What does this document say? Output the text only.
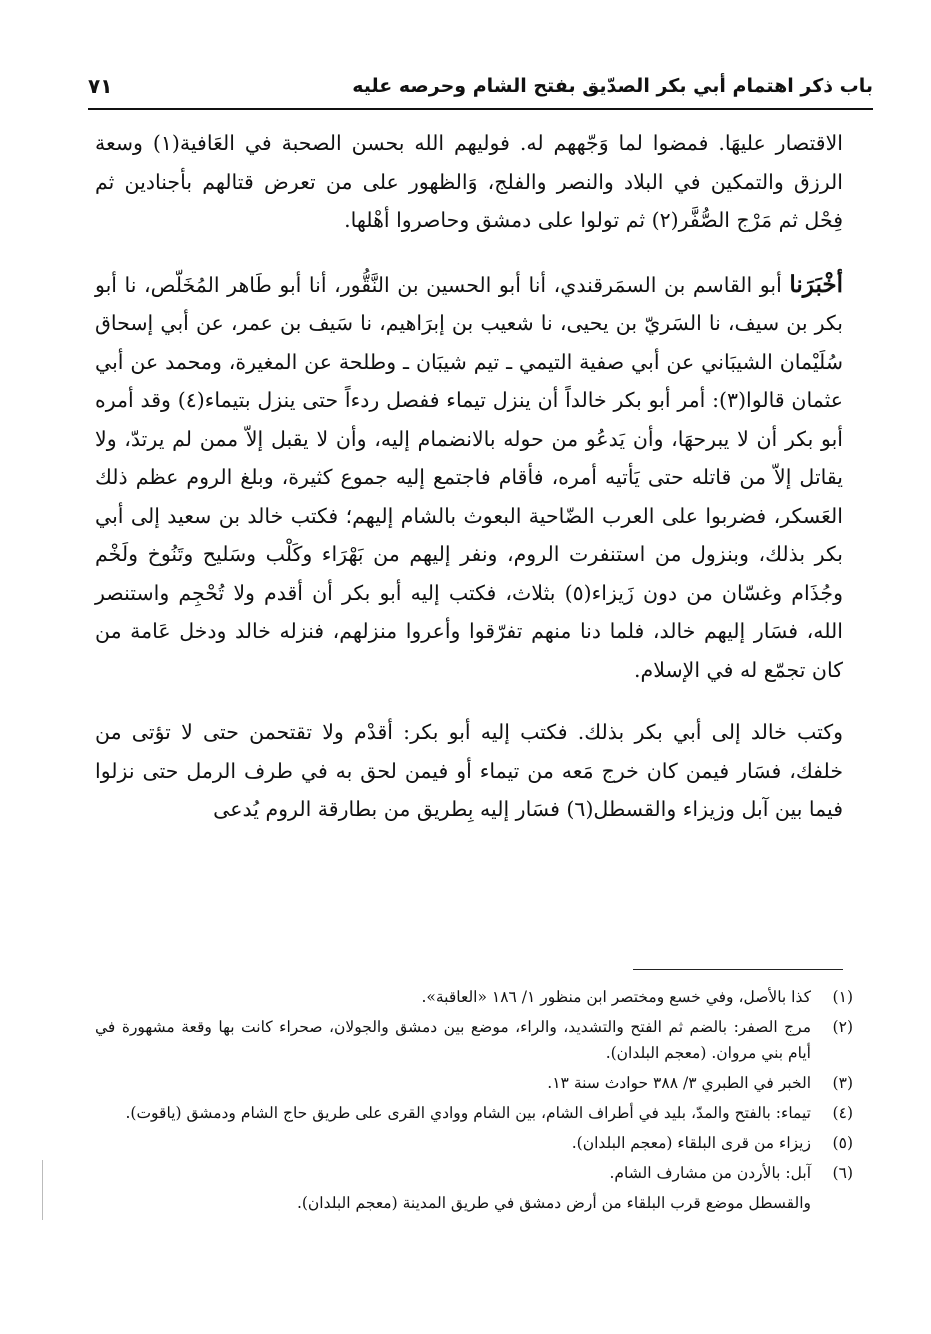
باب ذكر اهتمام أبي بكر الصدّيق بفتح الشام وحرصه عليه
٧١

الاقتصار عليهَا. فمضوا لما وَجّههم له. فوليهم الله بحسن الصحبة في العَافية(١) وسعة الرزق والتمكين في البلاد والنصر والفلج، وَالظهور على من تعرض قتالهم بأجنادين ثم فِحْل ثم مَرْج الصُّفَّر(٢) ثم تولوا على دمشق وحاصروا أهْلها.

أخْبَرَنا أبو القاسم بن السمَرقندي، أنا أبو الحسين بن النَّقُّور، أنا أبو طَاهر المُخَلّص، نا أبو بكر بن سيف، نا السَريّ بن يحيى، نا شعيب بن إبرَاهيم، نا سَيف بن عمر، عن أبي إسحاق سُلَيْمان الشيبَاني عن أبي صفية التيمي ـ تيم شيبَان ـ وطلحة عن المغيرة، ومحمد عن أبي عثمان قالوا(٣): أمر أبو بكر خالداً أن ينزل تيماء ففصل ردءاً حتى ينزل بتيماء(٤) وقد أمره أبو بكر أن لا يبرحهَا، وأن يَدعُو من حوله بالانضمام إليه، وأن لا يقبل إلاّ ممن لم يرتدّ، ولا يقاتل إلاّ من قاتله حتى يَأتيه أمره، فأقام فاجتمع إليه جموع كثيرة، وبلغ الروم عظم ذلك العَسكر، فضربوا على العرب الضّاحية البعوث بالشام إليهم؛ فكتب خالد بن سعيد إلى أبي بكر بذلك، وبنزول من استنفرت الروم، ونفر إليهم من بَهْرَاء وكَلْب وسَليح وتَنُوخ ولَخْم وجُذَام وغسّان من دون زَيزاء(٥) بثلاث، فكتب إليه أبو بكر أن أقدم ولا تُحْجِم واستنصر الله، فسَار إليهم خالد، فلما دنا منهم تفرّقوا وأعروا منزلهم، فنزله خالد ودخل عَامة من كان تجمّع له في الإسلام.

وكتب خالد إلى أبي بكر بذلك. فكتب إليه أبو بكر: أقدْم ولا تقتحمن حتى لا تؤتى من خلفك، فسَار فيمن كان خرج مَعه من تيماء أو فيمن لحق به في طرف الرمل حتى نزلوا فيما بين آبل وزيزاء والقسطل(٦) فسَار إليه بِطريق من بطارقة الروم يُدعى

(١)
كذا بالأصل، وفي خسع ومختصر ابن منظور ١/ ١٨٦ «العاقبة».
(٢)
مرج الصفر: بالضم ثم الفتح والتشديد، والراء، موضع بين دمشق والجولان، صحراء كانت بها وقعة مشهورة في أيام بني مروان. (معجم البلدان).
(٣)
الخبر في الطبري ٣/ ٣٨٨ حوادث سنة ١٣.
(٤)
تيماء: بالفتح والمدّ، بليد في أطراف الشام، بين الشام ووادي القرى على طريق حاج الشام ودمشق (ياقوت).
(٥)
زيزاء من قرى البلقاء (معجم البلدان).
(٦)
آبل: بالأردن من مشارف الشام.
والقسطل موضع قرب البلقاء من أرض دمشق في طريق المدينة (معجم البلدان).
